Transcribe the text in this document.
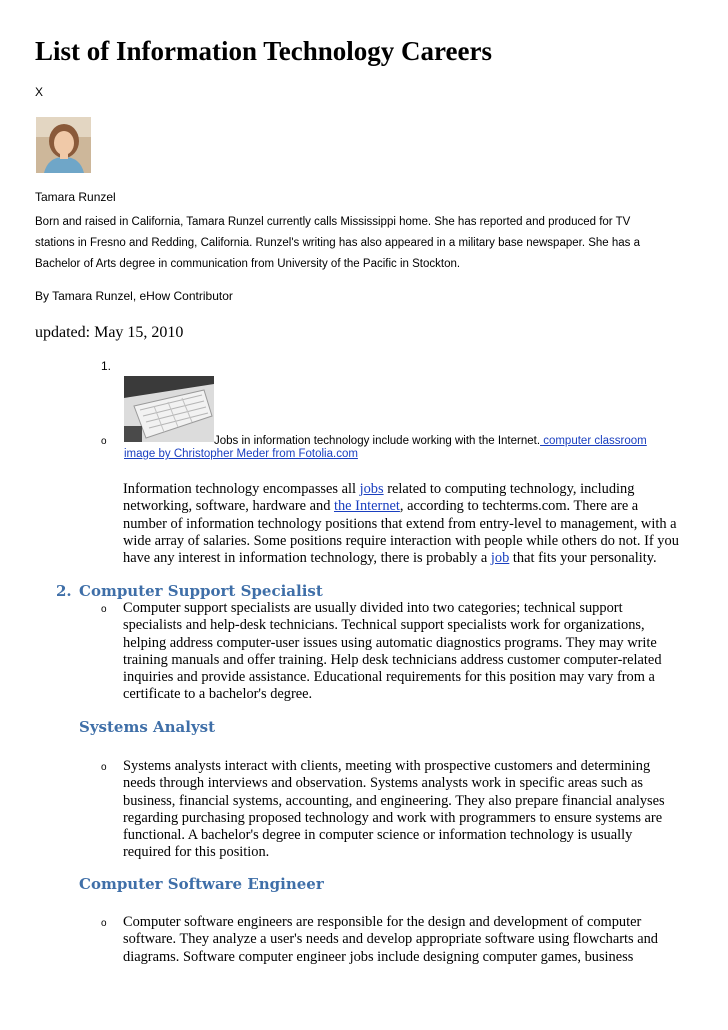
List of Information Technology Careers
X
Tamara Runzel
Born and raised in California, Tamara Runzel currently calls Mississippi home. She has reported and produced for TV
stations in Fresno and Redding, California. Runzel's writing has also appeared in a military base newspaper. She has a
Bachelor of Arts degree in communication from University of the Pacific in Stockton.
By Tamara Runzel, eHow Contributor
updated: May 15, 2010
1.
o	Jobs in information technology include working with the Internet. computer classroom
image by Christopher Meder from Fotolia.com
Information technology encompasses all jobs related to computing technology, including
networking, software, hardware and the Internet, according to techterms.com. There are a
number of information technology positions that extend from entry-level to management, with a
wide array of salaries. Some positions require interaction with people while others do not. If you
have any interest in information technology, there is probably a job that fits your personality.
2. Computer Support Specialist
o Computer support specialists are usually divided into two categories; technical support
specialists and help-desk technicians. Technical support specialists work for organizations,
helping address computer-user issues using automatic diagnostics programs. They may write
training manuals and offer training. Help desk technicians address customer computer-related
inquiries and provide assistance. Educational requirements for this position may vary from a
certificate to a bachelor's degree.
Systems Analyst
o Systems analysts interact with clients, meeting with prospective customers and determining
needs through interviews and observation. Systems analysts work in specific areas such as
business, financial systems, accounting, and engineering. They also prepare financial analyses
regarding purchasing proposed technology and work with programmers to ensure systems are
functional. A bachelor's degree in computer science or information technology is usually
required for this position.
Computer Software Engineer
o Computer software engineers are responsible for the design and development of computer
software. They analyze a user's needs and develop appropriate software using flowcharts and
diagrams. Software computer engineer jobs include designing computer games, business
